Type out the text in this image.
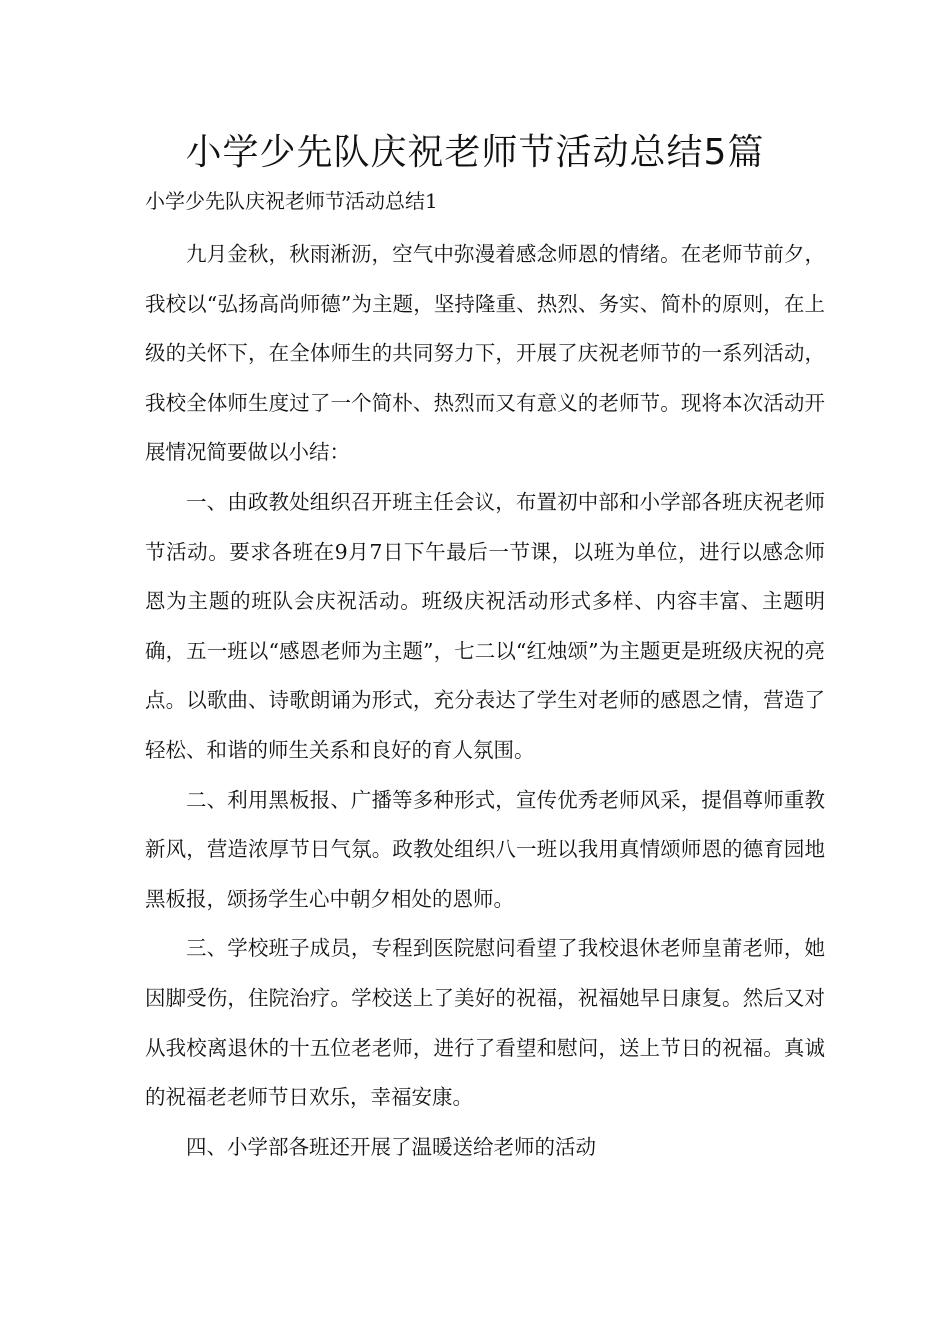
小学少先队庆祝老师节活动总结5篇
小学少先队庆祝老师节活动总结1

九月金秋，秋雨淅沥，空气中弥漫着感念师恩的情绪。在老师节前夕，我校以“弘扬高尚师德”为主题，坚持隆重、热烈、务实、简朴的原则，在上级的关怀下，在全体师生的共同努力下，开展了庆祝老师节的一系列活动，我校全体师生度过了一个简朴、热烈而又有意义的老师节。现将本次活动开展情况简要做以小结：

一、由政教处组织召开班主任会议，布置初中部和小学部各班庆祝老师节活动。要求各班在9月7日下午最后一节课，以班为单位，进行以感念师恩为主题的班队会庆祝活动。班级庆祝活动形式多样、内容丰富、主题明确，五一班以“感恩老师为主题”，七二以“红烛颂”为主题更是班级庆祝的亮点。以歌曲、诗歌朗诵为形式，充分表达了学生对老师的感恩之情，营造了轻松、和谐的师生关系和良好的育人氛围。

二、利用黑板报、广播等多种形式，宣传优秀老师风采，提倡尊师重教新风，营造浓厚节日气氛。政教处组织八一班以我用真情颂师恩的德育园地黑板报，颂扬学生心中朝夕相处的恩师。

三、学校班子成员，专程到医院慰问看望了我校退休老师皇莆老师，她因脚受伤，住院治疗。学校送上了美好的祝福，祝福她早日康复。然后又对从我校离退休的十五位老老师，进行了看望和慰问，送上节日的祝福。真诚的祝福老老师节日欢乐，幸福安康。

四、小学部各班还开展了温暖送给老师的活动
